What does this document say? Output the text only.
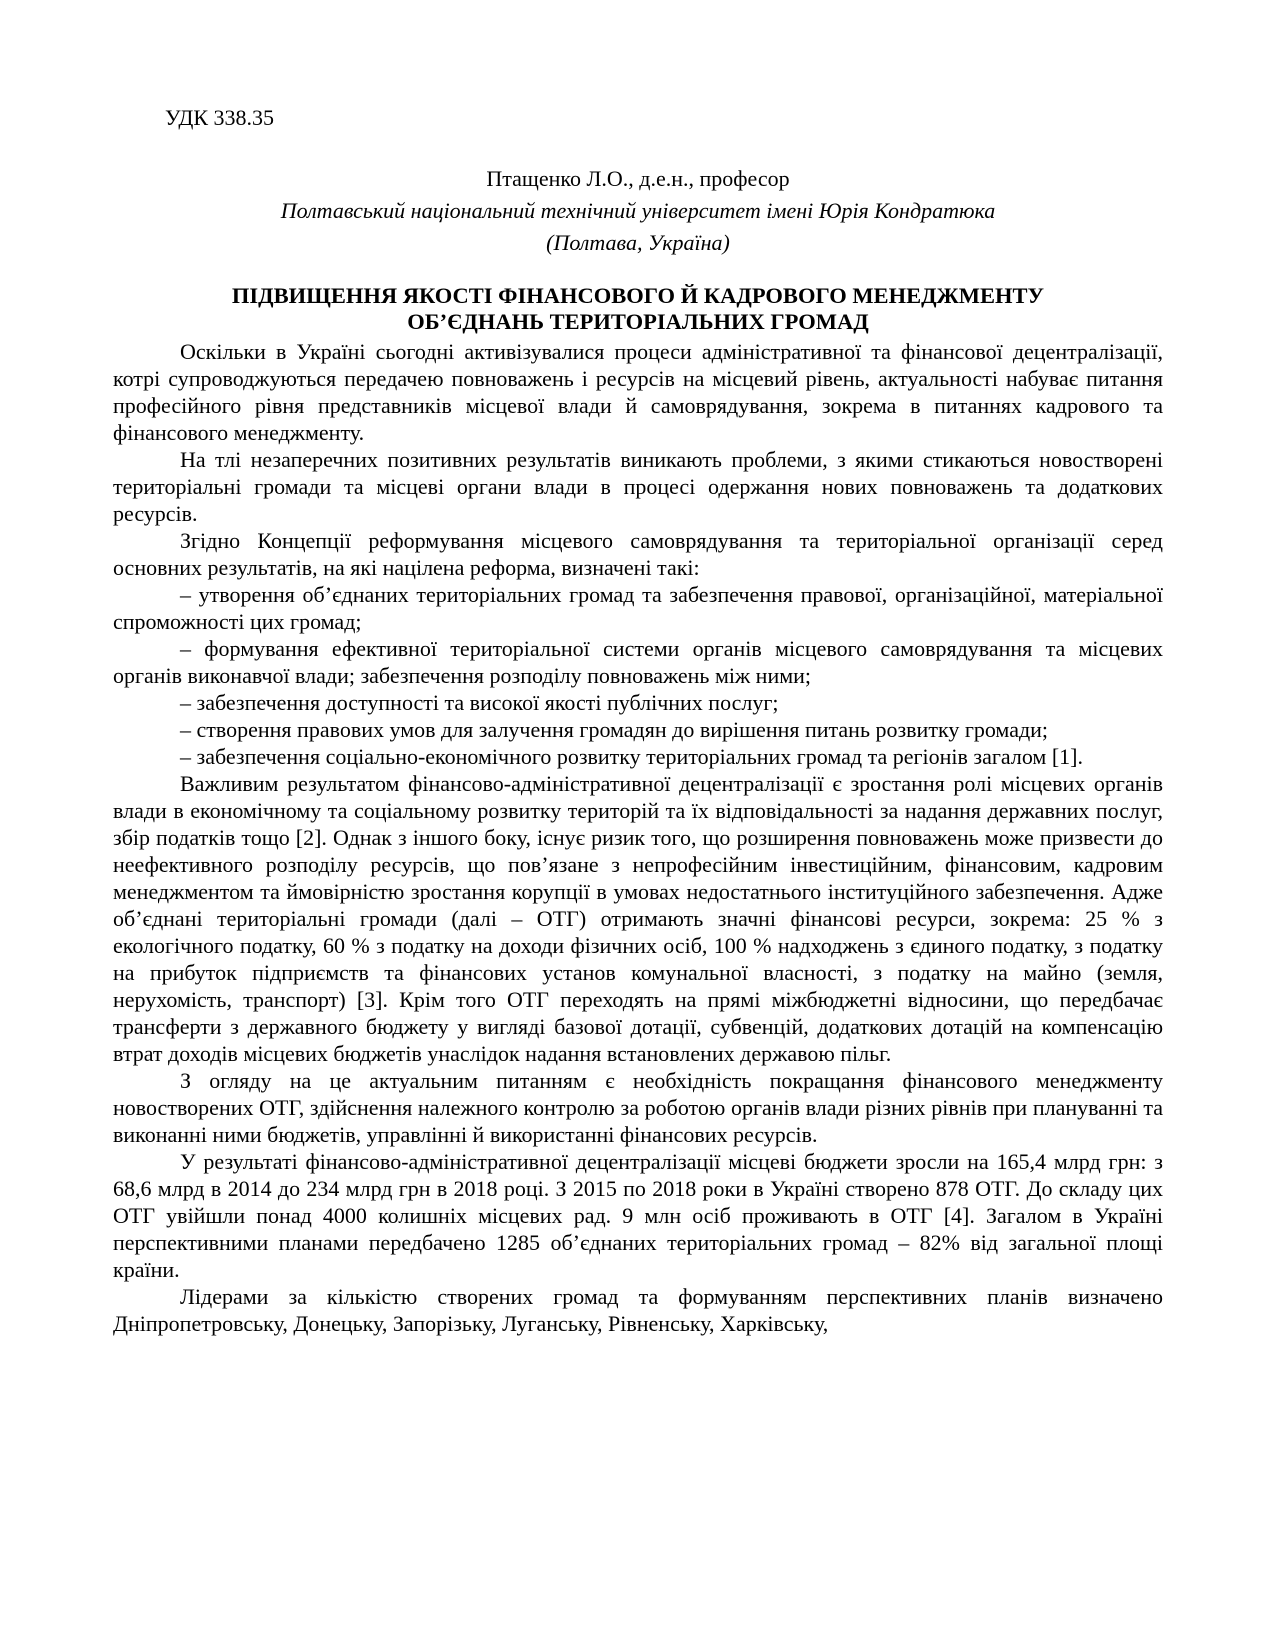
УДК 338.35
Птащенко Л.О., д.е.н., професор
Полтавський національний технічний університет імені Юрія Кондратюка
(Полтава, Україна)
ПІДВИЩЕННЯ ЯКОСТІ ФІНАНСОВОГО Й КАДРОВОГО МЕНЕДЖМЕНТУ
ОБ’ЄДНАНЬ ТЕРИТОРІАЛЬНИХ ГРОМАД

Оскільки в Україні сьогодні активізувалися процеси адміністративної та фінансової децентралізації, котрі супроводжуються передачею повноважень і ресурсів на місцевий рівень, актуальності набуває питання професійного рівня представників місцевої влади й самоврядування, зокрема в питаннях кадрового та фінансового менеджменту.

На тлі незаперечних позитивних результатів виникають проблеми, з якими стикаються новостворені територіальні громади та місцеві органи влади в процесі одержання нових повноважень та додаткових ресурсів.

Згідно Концепції реформування місцевого самоврядування та територіальної організації серед основних результатів, на які націлена реформа, визначені такі:

– утворення об’єднаних територіальних громад та забезпечення правової, організаційної, матеріальної спроможності цих громад;

– формування ефективної територіальної системи органів місцевого самоврядування та місцевих органів виконавчої влади; забезпечення розподілу повноважень між ними;

– забезпечення доступності та високої якості публічних послуг;

– створення правових умов для залучення громадян до вирішення питань розвитку громади;

– забезпечення соціально-економічного розвитку територіальних громад та регіонів загалом [1].

Важливим результатом фінансово-адміністративної децентралізації є зростання ролі місцевих органів влади в економічному та соціальному розвитку територій та їх відповідальності за надання державних послуг, збір податків тощо [2]. Однак з іншого боку, існує ризик того, що розширення повноважень може призвести до неефективного розподілу ресурсів, що пов’язане з непрофесійним інвестиційним, фінансовим, кадровим менеджментом та ймовірністю зростання корупції в умовах недостатнього інституційного забезпечення. Адже об’єднані територіальні громади (далі – ОТГ) отримають значні фінансові ресурси, зокрема: 25 % з екологічного податку, 60 % з податку на доходи фізичних осіб, 100 % надходжень з єдиного податку, з податку на прибуток підприємств та фінансових установ комунальної власності, з податку на майно (земля, нерухомість, транспорт) [3]. Крім того ОТГ переходять на прямі міжбюджетні відносини, що передбачає трансферти з державного бюджету у вигляді базової дотації, субвенцій, додаткових дотацій на компенсацію втрат доходів місцевих бюджетів унаслідок надання встановлених державою пільг.

З огляду на це актуальним питанням є необхідність покращання фінансового менеджменту новостворених ОТГ, здійснення належного контролю за роботою органів влади різних рівнів при плануванні та виконанні ними бюджетів, управлінні й використанні фінансових ресурсів.

У результаті фінансово-адміністративної децентралізації місцеві бюджети зросли на 165,4 млрд грн: з 68,6 млрд в 2014 до 234 млрд грн в 2018 році. З 2015 по 2018 роки в Україні створено 878 ОТГ. До складу цих ОТГ увійшли понад 4000 колишніх місцевих рад. 9 млн осіб проживають в ОТГ [4]. Загалом в Україні перспективними планами передбачено 1285 об’єднаних територіальних громад – 82% від загальної площі країни.

Лідерами за кількістю створених громад та формуванням перспективних планів визначено Дніпропетровську, Донецьку, Запорізьку, Луганську, Рівненську, Харківську,
